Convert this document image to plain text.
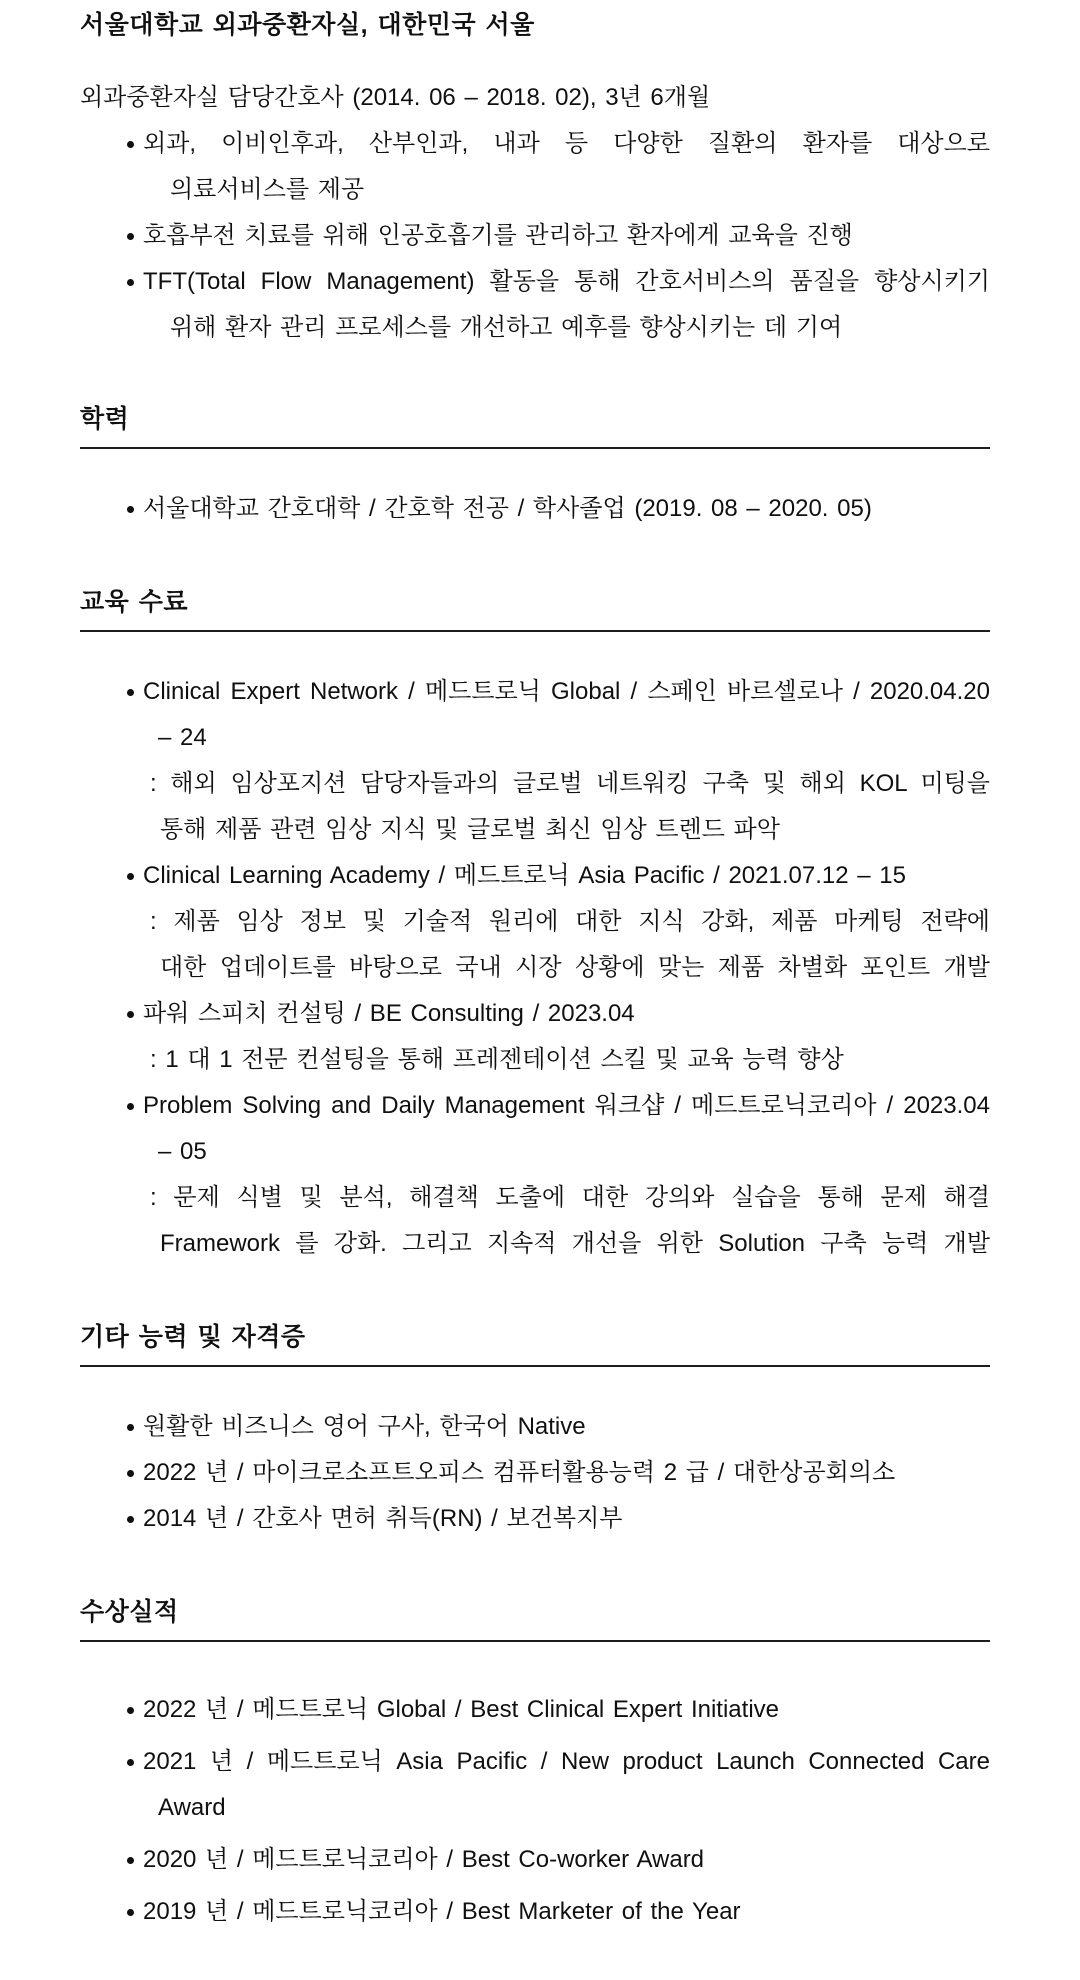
서울대학교 외과중환자실, 대한민국 서울
외과중환자실 담당간호사 (2014. 06 – 2018. 02), 3년 6개월
외과, 이비인후과, 산부인과, 내과 등 다양한 질환의 환자를 대상으로
의료서비스를 제공
호흡부전 치료를 위해 인공호흡기를 관리하고 환자에게 교육을 진행
TFT(Total Flow Management) 활동을 통해 간호서비스의 품질을 향상시키기
위해 환자 관리 프로세스를 개선하고 예후를 향상시키는 데 기여
학력
서울대학교 간호대학 / 간호학 전공 / 학사졸업 (2019. 08 – 2020. 05)
교육 수료
Clinical Expert Network / 메드트로닉 Global / 스페인 바르셀로나 / 2020.04.20
– 24
: 해외 임상포지션 담당자들과의 글로벌 네트워킹 구축 및 해외 KOL 미팅을
통해 제품 관련 임상 지식 및 글로벌 최신 임상 트렌드 파악
Clinical Learning Academy / 메드트로닉 Asia Pacific / 2021.07.12 – 15
: 제품 임상 정보 및 기술적 원리에 대한 지식 강화, 제품 마케팅 전략에
대한 업데이트를 바탕으로 국내 시장 상황에 맞는 제품 차별화 포인트 개발
파워 스피치 컨설팅 / BE Consulting / 2023.04
: 1 대 1 전문 컨설팅을 통해 프레젠테이션 스킬 및 교육 능력 향상
Problem Solving and Daily Management 워크샵 / 메드트로닉코리아 / 2023.04
– 05
: 문제 식별 및 분석, 해결책 도출에 대한 강의와 실습을 통해 문제 해결
Framework 를 강화. 그리고 지속적 개선을 위한 Solution 구축 능력 개발
기타 능력 및 자격증
원활한 비즈니스 영어 구사, 한국어 Native
2022 년 / 마이크로소프트오피스 컴퓨터활용능력 2 급 / 대한상공회의소
2014 년 / 간호사 면허 취득(RN) / 보건복지부
수상실적
2022 년 / 메드트로닉 Global / Best Clinical Expert Initiative
2021 년 / 메드트로닉 Asia Pacific / New product Launch Connected Care
Award
2020 년 / 메드트로닉코리아 / Best Co-worker Award
2019 년 / 메드트로닉코리아 / Best Marketer of the Year
